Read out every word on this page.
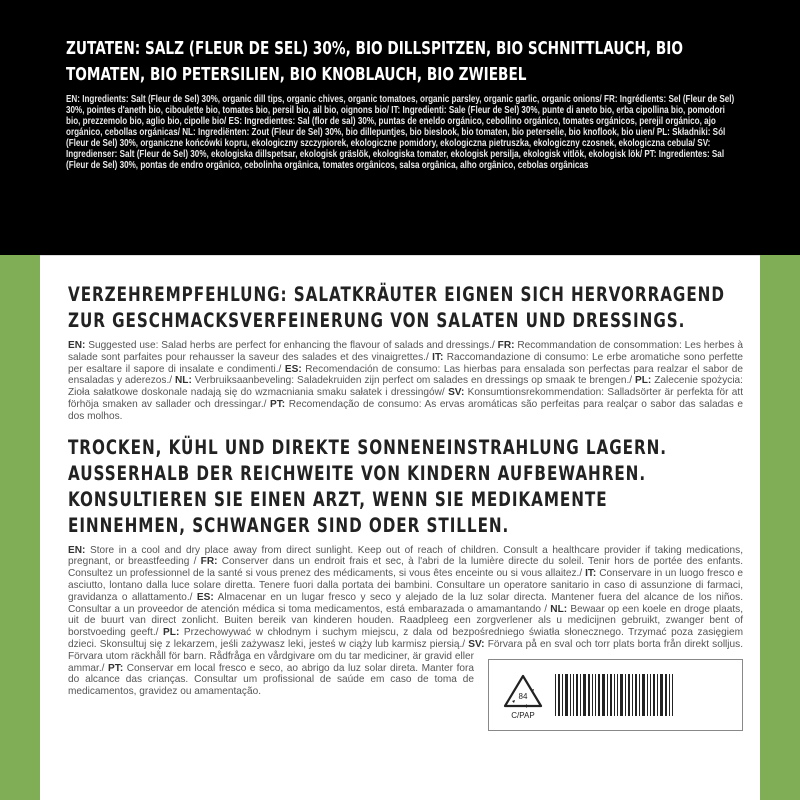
ZUTATEN: SALZ (FLEUR DE SEL) 30%, BIO DILLSPITZEN, BIO SCHNITTLAUCH, BIO TOMATEN, BIO PETERSILIEN, BIO KNOBLAUCH, BIO ZWIEBEL
EN: Ingredients: Salt (Fleur de Sel) 30%, organic dill tips, organic chives, organic tomatoes, organic parsley, organic garlic, organic onions/ FR: Ingrédients: Sel (Fleur de Sel) 30%, pointes d'aneth bio, ciboulette bio, tomates bio, persil bio, ail bio, oignons bio/ IT: Ingredienti: Sale (Fleur de Sel) 30%, punte di aneto bio, erba cipollina bio, pomodori bio, prezzemolo bio, aglio bio, cipolle bio/ ES: Ingredientes: Sal (flor de sal) 30%, puntas de eneldo orgánico, cebollino orgánico, tomates orgánicos, perejil orgánico, ajo orgánico, cebollas orgánicas/ NL: Ingrediënten: Zout (Fleur de Sel) 30%, bio dillepuntjes, bio bieslook, bio tomaten, bio peterselie, bio knoflook, bio uien/ PL: Składniki: Sól (Fleur de Sel) 30%, organiczne końcówki kopru, ekologiczny szczypiorek, ekologiczne pomidory, ekologiczna pietruszka, ekologiczny czosnek, ekologiczna cebula/ SV: Ingredienser: Salt (Fleur de Sel) 30%, ekologiska dillspetsar, ekologisk gräslök, ekologiska tomater, ekologisk persilja, ekologisk vitlök, ekologisk lök/ PT: Ingredientes: Sal (Fleur de Sel) 30%, pontas de endro orgânico, cebolinha orgânica, tomates orgânicos, salsa orgânica, alho orgânico, cebolas orgânicas
VERZEHREMPFEHLUNG: SALATKRÄUTER EIGNEN SICH HERVORRAGEND ZUR GESCHMACKSVERFEINERUNG VON SALATEN UND DRESSINGS.
EN: Suggested use: Salad herbs are perfect for enhancing the flavour of salads and dressings./ FR: Recommandation de consommation: Les herbes à salade sont parfaites pour rehausser la saveur des salades et des vinaigrettes./ IT: Raccomandazione di consumo: Le erbe aromatiche sono perfette per esaltare il sapore di insalate e condimenti./ ES: Recomendación de consumo: Las hierbas para ensalada son perfectas para realzar el sabor de ensaladas y aderezos./ NL: Verbruiksaanbeveling: Saladekruiden zijn perfect om salades en dressings op smaak te brengen./ PL: Zalecenie spożycia: Zioła sałatkowe doskonale nadają się do wzmacniania smaku sałatek i dressingów/ SV: Konsumtionsrekommendation: Salladsörter är perfekta för att förhöja smaken av sallader och dressingar./ PT: Recomendação de consumo: As ervas aromáticas são perfeitas para realçar o sabor das saladas e dos molhos.
TROCKEN, KÜHL UND DIREKTE SONNENEINSTRAHLUNG LAGERN. AUSSERHALB DER REICHWEITE VON KINDERN AUFBEWAHREN. KONSULTIEREN SIE EINEN ARZT, WENN SIE MEDIKAMENTE EINNEHMEN, SCHWANGER SIND ODER STILLEN.
84
C/PAP
EN: Store in a cool and dry place away from direct sunlight. Keep out of reach of children. Consult a healthcare provider if taking medications, pregnant, or breastfeeding / FR: Conserver dans un endroit frais et sec, à l'abri de la lumière directe du soleil. Tenir hors de portée des enfants. Consultez un professionnel de la santé si vous prenez des médicaments, si vous êtes enceinte ou si vous allaitez./ IT: Conservare in un luogo fresco e asciutto, lontano dalla luce solare diretta. Tenere fuori dalla portata dei bambini. Consultare un operatore sanitario in caso di assunzione di farmaci, gravidanza o allattamento./ ES: Almacenar en un lugar fresco y seco y alejado de la luz solar directa. Mantener fuera del alcance de los niños. Consultar a un proveedor de atención médica si toma medicamentos, está embarazada o amamantando / NL: Bewaar op een koele en droge plaats, uit de buurt van direct zonlicht. Buiten bereik van kinderen houden. Raadpleeg een zorgverlener als u medicijnen gebruikt, zwanger bent of borstvoeding geeft./ PL: Przechowywać w chłodnym i suchym miejscu, z dala od bezpośredniego światła słonecznego. Trzymać poza zasięgiem dzieci. Skonsultuj się z lekarzem, jeśli zażywasz leki, jesteś w ciąży lub karmisz piersią./ SV: Förvara på en sval och torr plats borta från direkt solljus. Förvara utom räckhåll för barn. Rådfråga en vårdgivare om du tar mediciner, är gravid eller ammar./ PT: Conservar em local fresco e seco, ao abrigo da luz solar direta. Manter fora do alcance das crianças. Consultar um profissional de saúde em caso de toma de medicamentos, gravidez ou amamentação.
